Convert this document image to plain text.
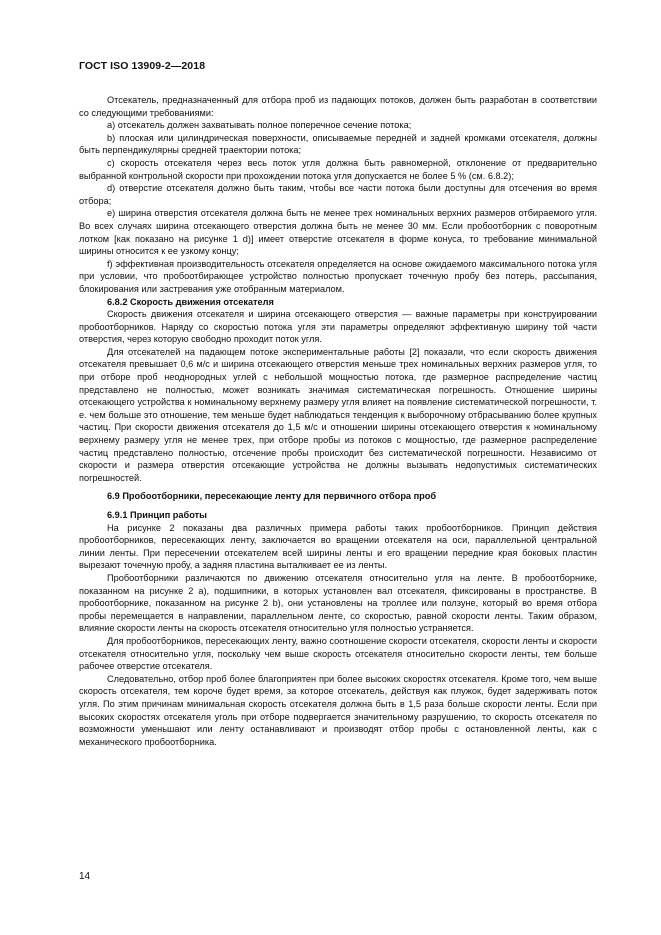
ГОСТ ISO 13909-2—2018

Отсекатель, предназначенный для отбора проб из падающих потоков, должен быть разработан в соответствии со следующими требованиями:

a) отсекатель должен захватывать полное поперечное сечение потока;

b) плоская или цилиндрическая поверхности, описываемые передней и задней кромками отсекателя, должны быть перпендикулярны средней траектории потока;

c) скорость отсекателя через весь поток угля должна быть равномерной, отклонение от предварительно выбранной контрольной скорости при прохождении потока угля допускается не более 5 % (см. 6.8.2);

d) отверстие отсекателя должно быть таким, чтобы все части потока были доступны для отсечения во время отбора;

e) ширина отверстия отсекателя должна быть не менее трех номинальных верхних размеров отбираемого угля. Во всех случаях ширина отсекающего отверстия должна быть не менее 30 мм. Если пробоотборник с поворотным лотком [как показано на рисунке 1 d)] имеет отверстие отсекателя в форме конуса, то требование минимальной ширины относится к ее узкому концу;

f) эффективная производительность отсекателя определяется на основе ожидаемого максимального потока угля при условии, что пробоотбирающее устройство полностью пропускает точечную пробу без потерь, рассыпания, блокирования или застревания уже отобранным материалом.

6.8.2 Скорость движения отсекателя

Скорость движения отсекателя и ширина отсекающего отверстия — важные параметры при конструировании пробоотборников. Наряду со скоростью потока угля эти параметры определяют эффективную ширину той части отверстия, через которую свободно проходит поток угля.

Для отсекателей на падающем потоке экспериментальные работы [2] показали, что если скорость движения отсекателя превышает 0,6 м/с и ширина отсекающего отверстия меньше трех номинальных верхних размеров угля, то при отборе проб неоднородных углей с небольшой мощностью потока, где размерное распределение частиц представлено не полностью, может возникать значимая систематическая погрешность. Отношение ширины отсекающего устройства к номинальному верхнему размеру угля влияет на появление систематической погрешности, т. е. чем больше это отношение, тем меньше будет наблюдаться тенденция к выборочному отбрасыванию более крупных частиц. При скорости движения отсекателя до 1,5 м/с и отношении ширины отсекающего отверстия к номинальному верхнему размеру угля не менее трех, при отборе пробы из потоков с мощностью, где размерное распределение частиц представлено полностью, отсечение пробы происходит без систематической погрешности. Независимо от скорости и размера отверстия отсекающие устройства не должны вызывать недопустимых систематических погрешностей.

6.9 Пробоотборники, пересекающие ленту для первичного отбора проб

6.9.1 Принцип работы

На рисунке 2 показаны два различных примера работы таких пробоотборников. Принцип действия пробоотборников, пересекающих ленту, заключается во вращении отсекателя на оси, параллельной центральной линии ленты. При пересечении отсекателем всей ширины ленты и его вращении передние края боковых пластин вырезают точечную пробу, а задняя пластина выталкивает ее из ленты.

Пробоотборники различаются по движению отсекателя относительно угля на ленте. В пробоотборнике, показанном на рисунке 2 a), подшипники, в которых установлен вал отсекателя, фиксированы в пространстве. В пробоотборнике, показанном на рисунке 2 b), они установлены на троллее или ползуне, который во время отбора пробы перемещается в направлении, параллельном ленте, со скоростью, равной скорости ленты. Таким образом, влияние скорости ленты на скорость отсекателя относительно угля полностью устраняется.

Для пробоотборников, пересекающих ленту, важно соотношение скорости отсекателя, скорости ленты и скорости отсекателя относительно угля, поскольку чем выше скорость отсекателя относительно скорости ленты, тем больше рабочее отверстие отсекателя.

Следовательно, отбор проб более благоприятен при более высоких скоростях отсекателя. Кроме того, чем выше скорость отсекателя, тем короче будет время, за которое отсекатель, действуя как плужок, будет задерживать поток угля. По этим причинам минимальная скорость отсекателя должна быть в 1,5 раза больше скорости ленты. Если при высоких скоростях отсекателя уголь при отборе подвергается значительному разрушению, то скорость отсекателя по возможности уменьшают или ленту останавливают и производят отбор пробы с остановленной ленты, как с механического пробоотборника.

14
